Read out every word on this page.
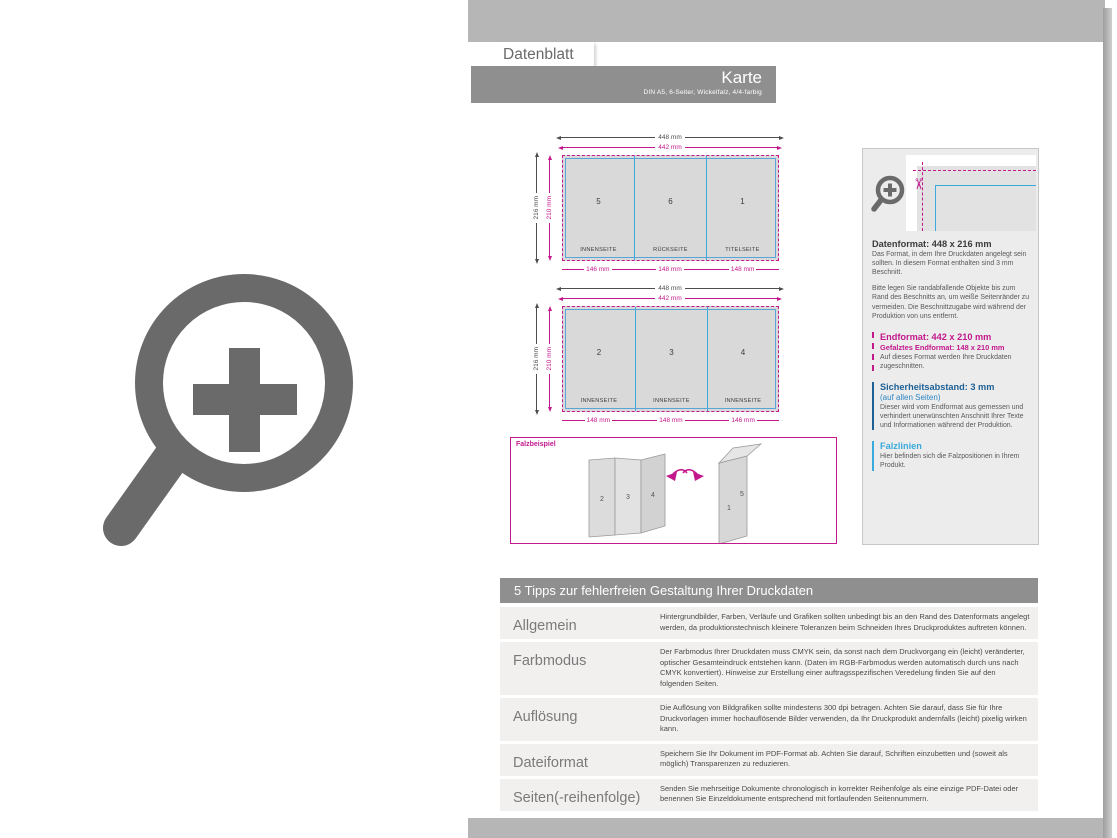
Datenblatt
Karte
DIN A5, 6-Seiter, Wickelfalz, 4/4-farbig
448 mm
442 mm
216 mm 210 mm	5
INNENSEITE
6
RÜCKSEITE
1
TITELSEITE
146 mm	148 mm	148 mm
448 mm
442 mm
216 mm 210 mm	2
INNENSEITE
3
INNENSEITE
4
INNENSEITE
148 mm	148 mm	146 mm
Falzbeispiel
2	3	4
1
5
✂
Datenformat: 448 x 216 mm

Das Format, in dem Ihre Druckdaten angelegt sein sollten. In diesem Format enthalten sind 3 mm Beschnitt.

Bitte legen Sie randabfallende Objekte bis zum Rand des Beschnitts an, um weiße Seitenränder zu vermeiden. Die Beschnittzugabe wird während der Produktion von uns entfernt.

Endformat: 442 x 210 mm
Gefalztes Endformat: 148 x 210 mm

Auf dieses Format werden Ihre Druckdaten zugeschnitten.

Sicherheitsabstand: 3 mm
(auf allen Seiten)

Dieser wird vom Endformat aus gemessen und verhindert unerwünschten Anschnitt Ihrer Texte und Informationen während der Produktion.

Falzlinien

Hier befinden sich die Falzpositionen in Ihrem Produkt.

5 Tipps zur fehlerfreien Gestaltung Ihrer Druckdaten
Allgemein
Hintergrundbilder, Farben, Verläufe und Grafiken sollten unbedingt bis an den Rand des Datenformats angelegt werden, da produktionstechnisch kleinere Toleranzen beim Schneiden Ihres Druckproduktes auftreten können.
Farbmodus
Der Farbmodus Ihrer Druckdaten muss CMYK sein, da sonst nach dem Druckvorgang ein (leicht) veränderter, optischer Gesamteindruck entstehen kann. (Daten im RGB-Farbmodus werden automatisch durch uns nach CMYK konvertiert). Hinweise zur Erstellung einer auftragsspezifischen Veredelung finden Sie auf den folgenden Seiten.
Auflösung
Die Auflösung von Bildgrafiken sollte mindestens 300 dpi betragen. Achten Sie darauf, dass Sie für Ihre Druckvorlagen immer hochauflösende Bilder verwenden, da Ihr Druckprodukt andernfalls (leicht) pixelig wirken kann.
Dateiformat
Speichern Sie Ihr Dokument im PDF-Format ab. Achten Sie darauf, Schriften einzubetten und (soweit als möglich) Transparenzen zu reduzieren.
Seiten(-reihenfolge)
Senden Sie mehrseitige Dokumente chronologisch in korrekter Reihenfolge als eine einzige PDF-Datei oder benennen Sie Einzeldokumente entsprechend mit fortlaufenden Seitennummern.
